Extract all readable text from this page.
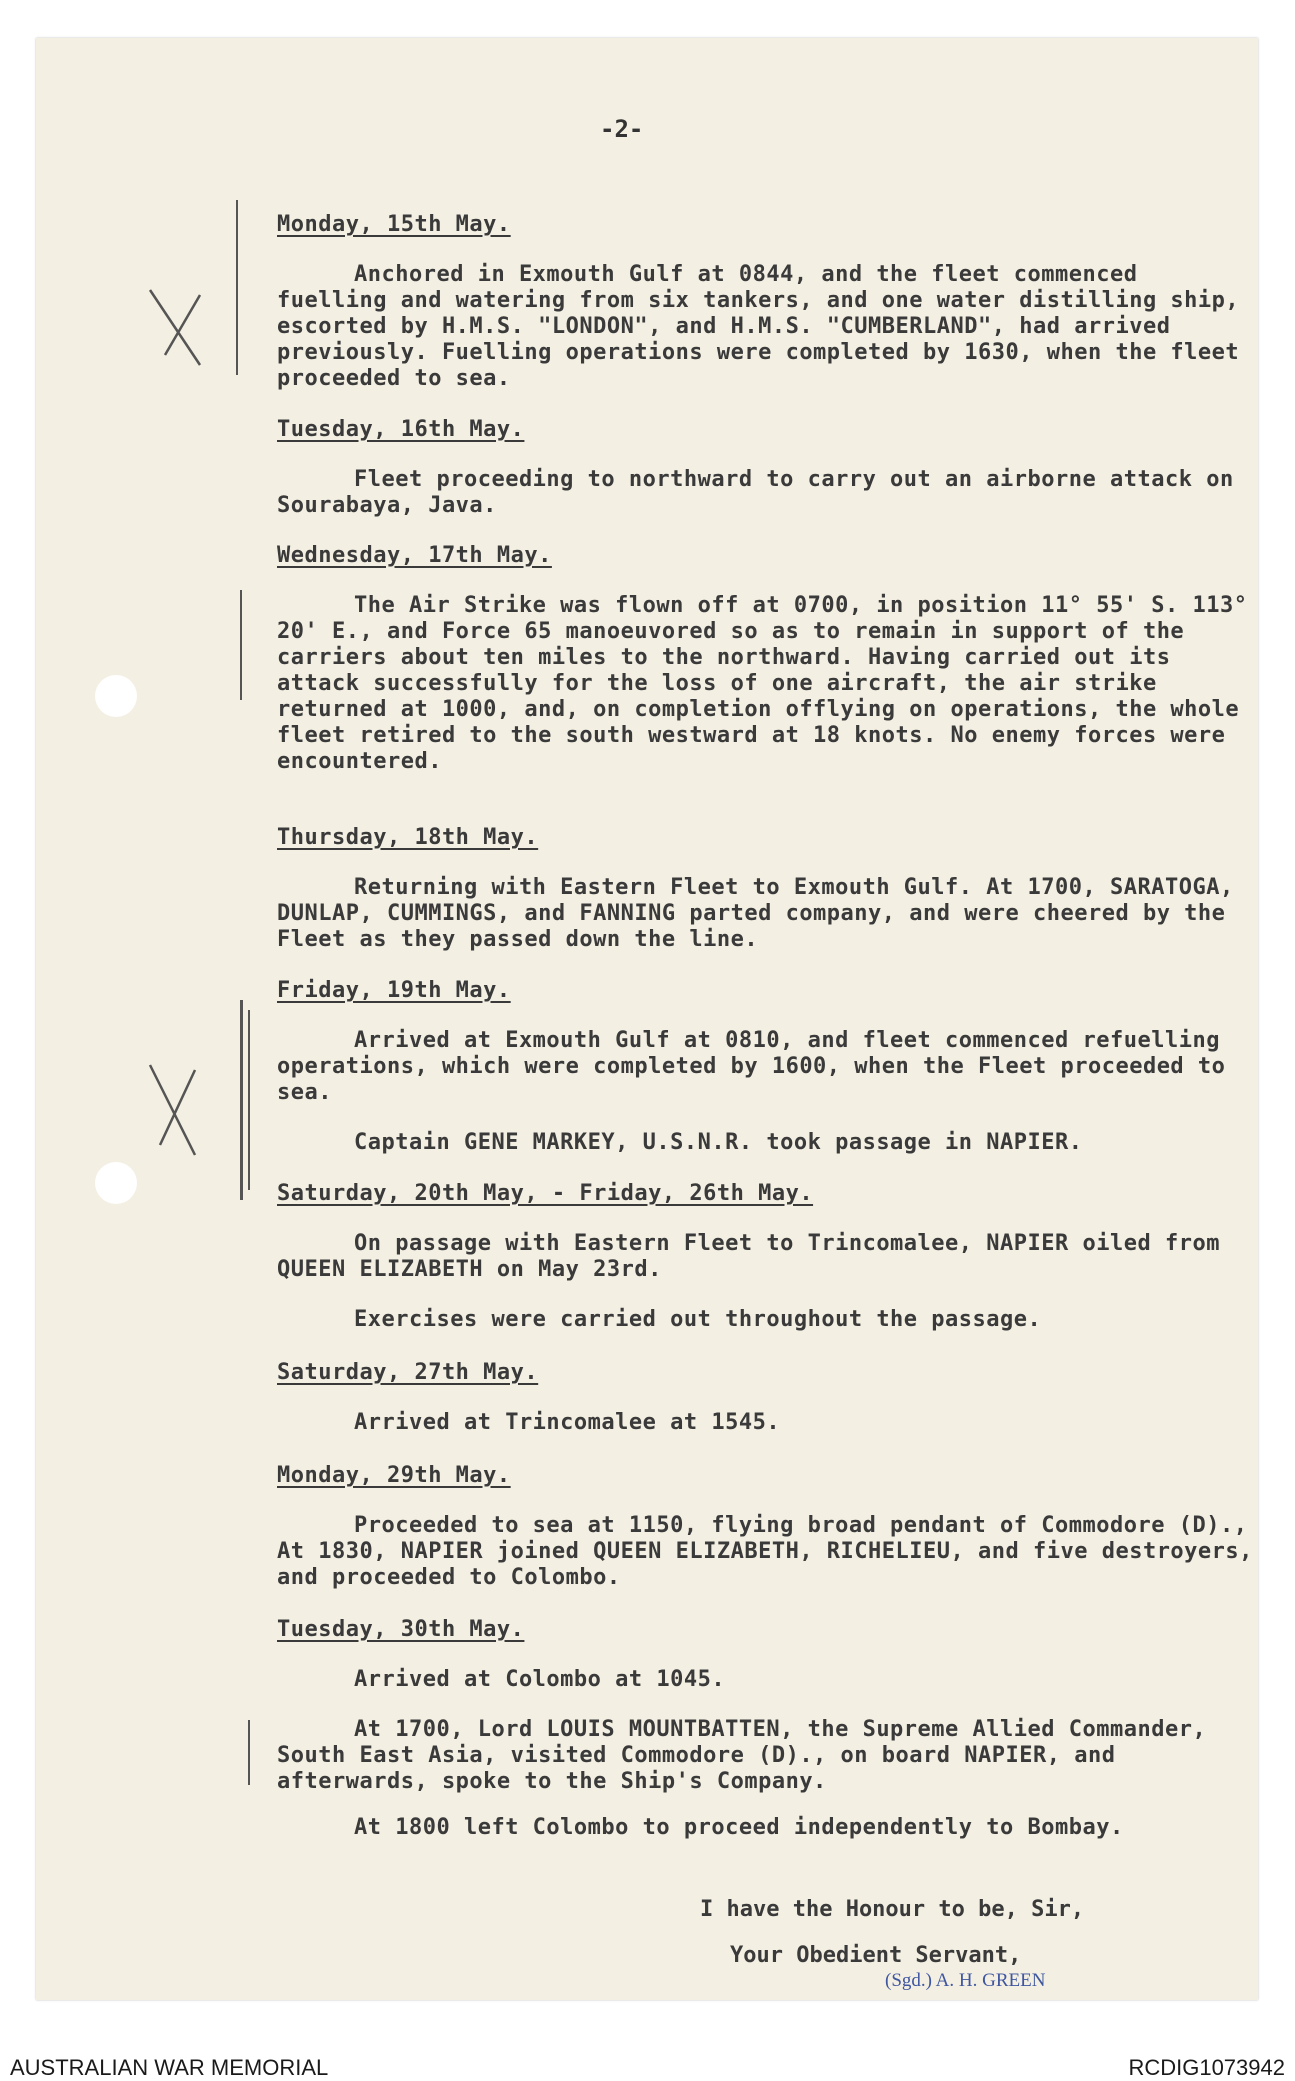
-2-
Monday, 15th May.

Anchored in Exmouth Gulf at 0844, and the fleet commenced fuelling and watering from six tankers, and one water distilling ship, escorted by H.M.S. "LONDON", and H.M.S. "CUMBERLAND", had arrived previously. Fuelling operations were completed by 1630, when the fleet proceeded to sea.

Tuesday, 16th May.

Fleet proceeding to northward to carry out an airborne attack on Sourabaya, Java.

Wednesday, 17th May.

The Air Strike was flown off at 0700, in position 11° 55' S. 113° 20' E., and Force 65 manoeuvored so as to remain in support of the carriers about ten miles to the northward. Having carried out its attack successfully for the loss of one aircraft, the air strike returned at 1000, and, on completion offlying on operations, the whole fleet retired to the south westward at 18 knots. No enemy forces were encountered.

Thursday, 18th May.

Returning with Eastern Fleet to Exmouth Gulf. At 1700, SARATOGA, DUNLAP, CUMMINGS, and FANNING parted company, and were cheered by the Fleet as they passed down the line.

Friday, 19th May.

Arrived at Exmouth Gulf at 0810, and fleet commenced refuelling operations, which were completed by 1600, when the Fleet proceeded to sea.

Captain GENE MARKEY, U.S.N.R. took passage in NAPIER.

Saturday, 20th May, - Friday, 26th May.

On passage with Eastern Fleet to Trincomalee, NAPIER oiled from QUEEN ELIZABETH on May 23rd.

Exercises were carried out throughout the passage.

Saturday, 27th May.

Arrived at Trincomalee at 1545.

Monday, 29th May.

Proceeded to sea at 1150, flying broad pendant of Commodore (D)., At 1830, NAPIER joined QUEEN ELIZABETH, RICHELIEU, and five destroyers, and proceeded to Colombo.

Tuesday, 30th May.

Arrived at Colombo at 1045.

At 1700, Lord LOUIS MOUNTBATTEN, the Supreme Allied Commander, South East Asia, visited Commodore (D)., on board NAPIER, and afterwards, spoke to the Ship's Company.

At 1800 left Colombo to proceed independently to Bombay.

I have the Honour to be, Sir,
Your Obedient Servant,
(Sgd.) A. H. GREEN
AUSTRALIAN WAR MEMORIAL	RCDIG1073942
